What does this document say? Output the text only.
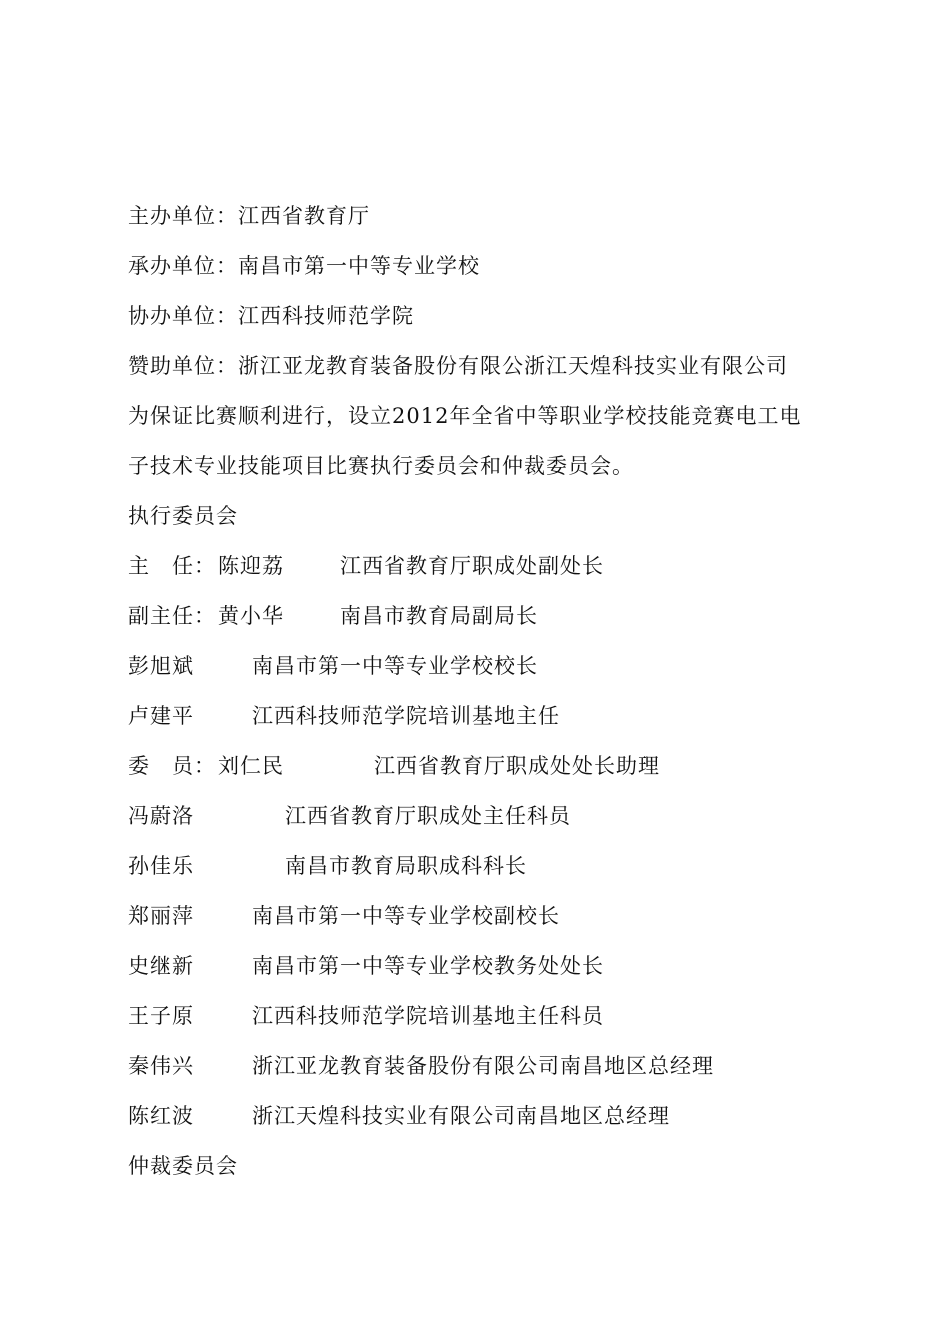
主办单位：江西省教育厅
承办单位：南昌市第一中等专业学校
协办单位：江西科技师范学院
赞助单位：浙江亚龙教育装备股份有限公浙江天煌科技实业有限公司
为保证比赛顺利进行，设立2012年全省中等职业学校技能竞赛电工电
子技术专业技能项目比赛执行委员会和仲裁委员会。
执行委员会
主　任： 陈迎荔	江西省教育厅职成处副处长
副主任： 黄小华	南昌市教育局副局长
彭旭斌	南昌市第一中等专业学校校长
卢建平	江西科技师范学院培训基地主任
委　员： 刘仁民	江西省教育厅职成处处长助理
冯蔚洛	江西省教育厅职成处主任科员
孙佳乐	南昌市教育局职成科科长
郑丽萍	南昌市第一中等专业学校副校长
史继新	南昌市第一中等专业学校教务处处长
王子原	江西科技师范学院培训基地主任科员
秦伟兴	浙江亚龙教育装备股份有限公司南昌地区总经理
陈红波	浙江天煌科技实业有限公司南昌地区总经理
仲裁委员会
